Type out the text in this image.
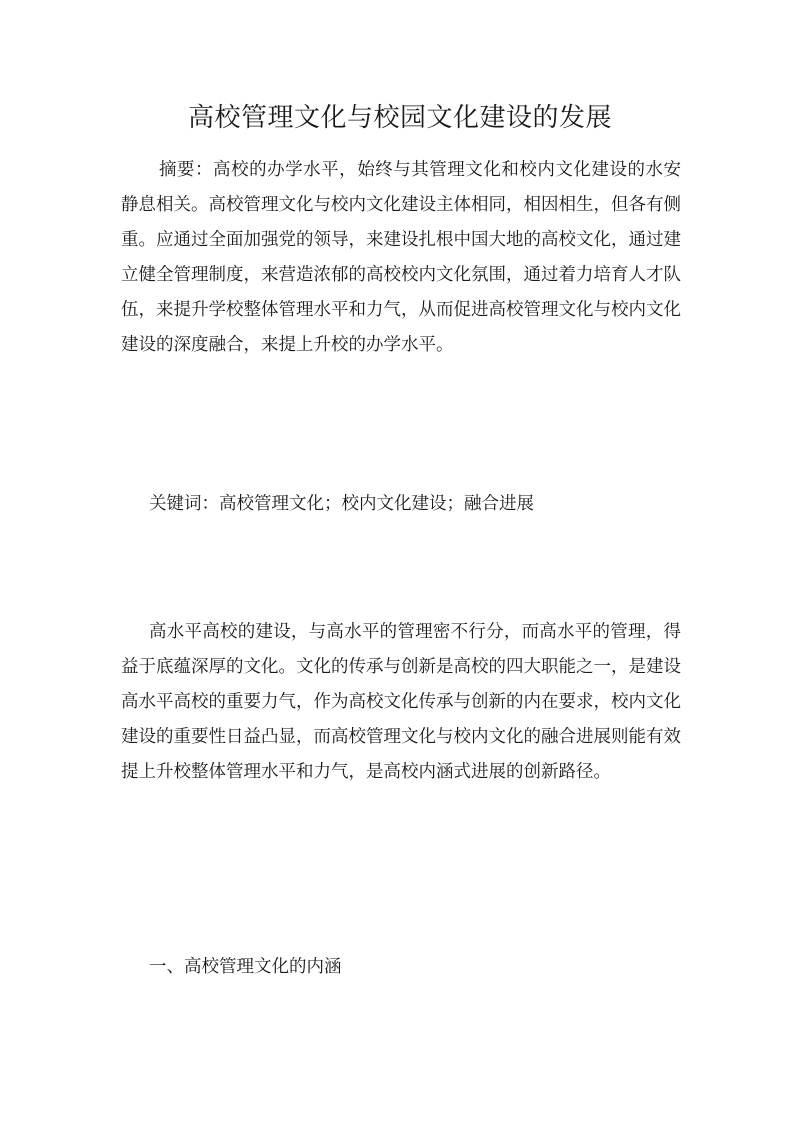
高校管理文化与校园文化建设的发展

摘要：高校的办学水平，始终与其管理文化和校内文化建设的水安静息相关。高校管理文化与校内文化建设主体相同，相因相生，但各有侧重。应通过全面加强党的领导，来建设扎根中国大地的高校文化，通过建立健全管理制度，来营造浓郁的高校校内文化氛围，通过着力培育人才队伍，来提升学校整体管理水平和力气，从而促进高校管理文化与校内文化建设的深度融合，来提上升校的办学水平。

关键词：高校管理文化；校内文化建设；融合进展

高水平高校的建设，与高水平的管理密不行分，而高水平的管理，得益于底蕴深厚的文化。文化的传承与创新是高校的四大职能之一，是建设高水平高校的重要力气，作为高校文化传承与创新的内在要求，校内文化建设的重要性日益凸显，而高校管理文化与校内文化的融合进展则能有效提上升校整体管理水平和力气，是高校内涵式进展的创新路径。

一、高校管理文化的内涵
